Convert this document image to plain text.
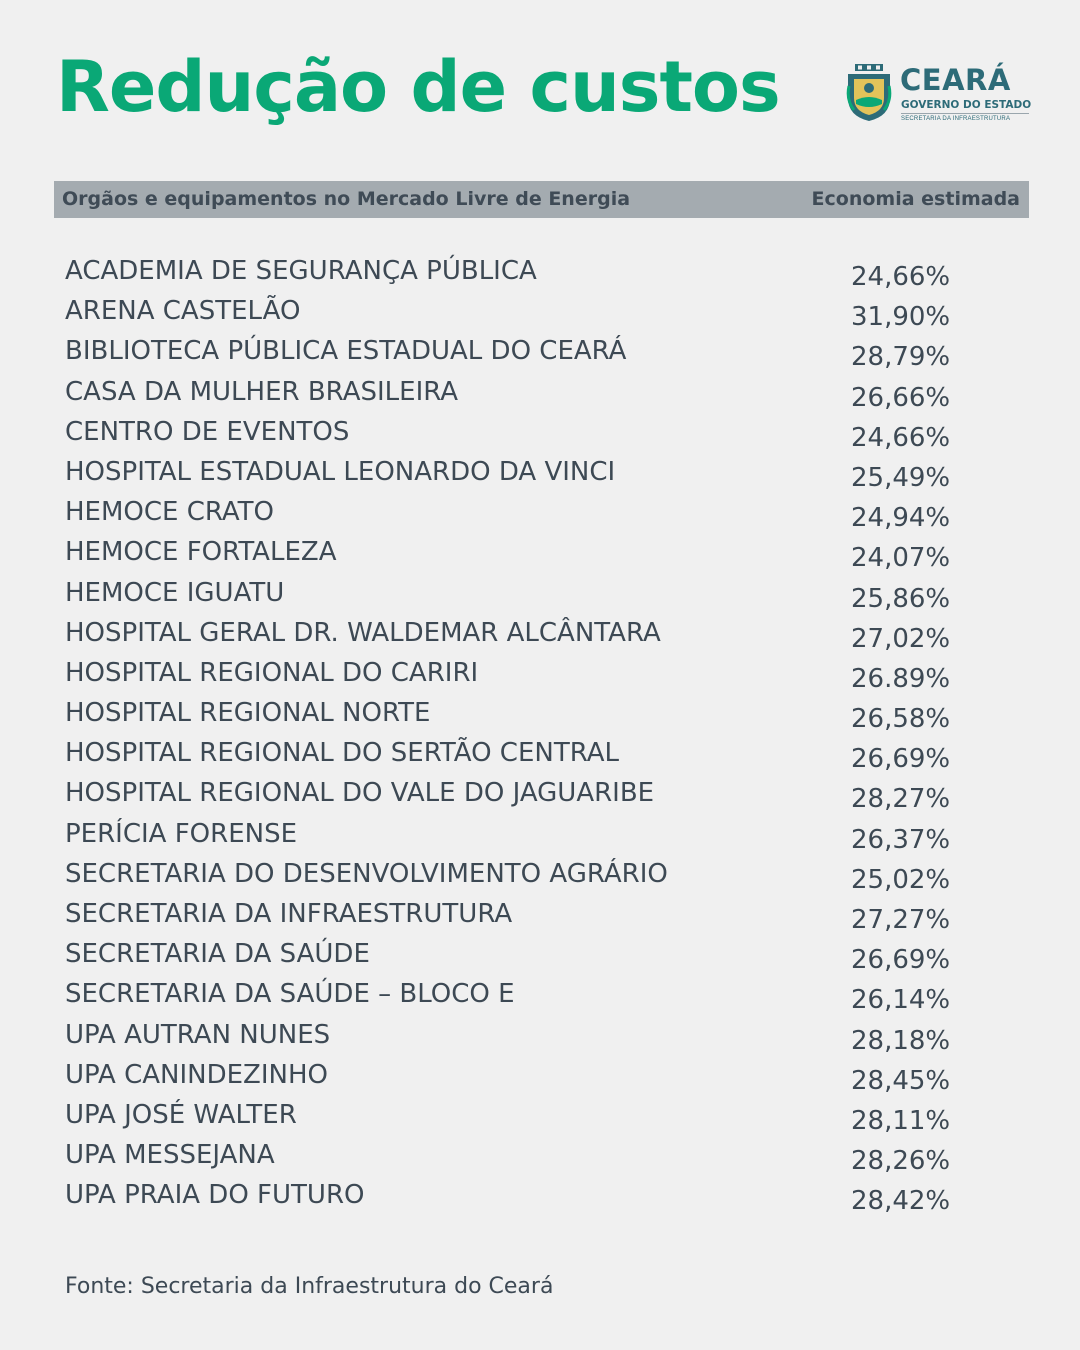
Redução de custos	CEARÁ
GOVERNO DO ESTADO
SECRETARIA DA INFRAESTRUTURA
Orgãos e equipamentos no Mercado Livre de Energia	Economia estimada
ACADEMIA DE SEGURANÇA PÚBLICA	24,66%
ARENA CASTELÃO	31,90%
BIBLIOTECA PÚBLICA ESTADUAL DO CEARÁ	28,79%
CASA DA MULHER BRASILEIRA	26,66%
CENTRO DE EVENTOS	24,66%
HOSPITAL ESTADUAL LEONARDO DA VINCI	25,49%
HEMOCE CRATO	24,94%
HEMOCE FORTALEZA	24,07%
HEMOCE IGUATU	25,86%
HOSPITAL GERAL DR. WALDEMAR ALCÂNTARA	27,02%
HOSPITAL REGIONAL DO CARIRI	26.89%
HOSPITAL REGIONAL NORTE	26,58%
HOSPITAL REGIONAL DO SERTÃO CENTRAL	26,69%
HOSPITAL REGIONAL DO VALE DO JAGUARIBE	28,27%
PERÍCIA FORENSE	26,37%
SECRETARIA DO DESENVOLVIMENTO AGRÁRIO	25,02%
SECRETARIA DA INFRAESTRUTURA	27,27%
SECRETARIA DA SAÚDE	26,69%
SECRETARIA DA SAÚDE – BLOCO E	26,14%
UPA AUTRAN NUNES	28,18%
UPA CANINDEZINHO	28,45%
UPA JOSÉ WALTER	28,11%
UPA MESSEJANA	28,26%
UPA PRAIA DO FUTURO	28,42%
Fonte: Secretaria da Infraestrutura do Ceará
